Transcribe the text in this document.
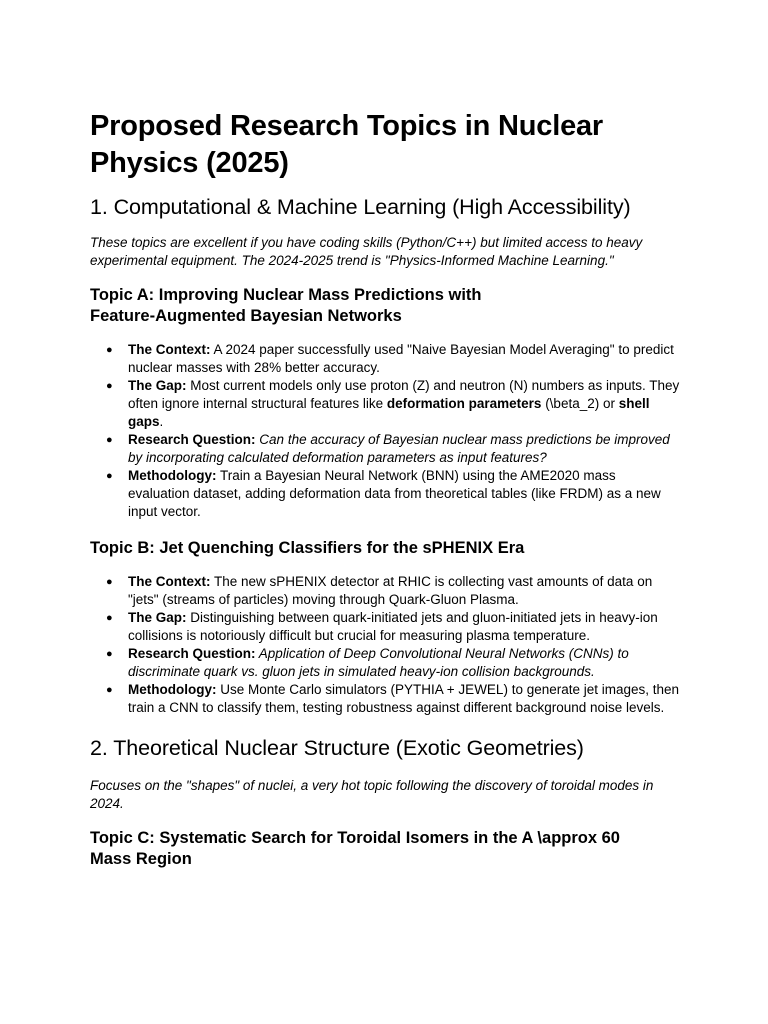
Proposed Research Topics in Nuclear Physics (2025)
1. Computational & Machine Learning (High Accessibility)

These topics are excellent if you have coding skills (Python/C++) but limited access to heavy experimental equipment. The 2024-2025 trend is "Physics-Informed Machine Learning."

Topic A: Improving Nuclear Mass Predictions with
Feature-Augmented Bayesian Networks
● The Context: A 2024 paper successfully used "Naive Bayesian Model Averaging" to predict nuclear masses with 28% better accuracy.
● The Gap: Most current models only use proton (Z) and neutron (N) numbers as inputs. They often ignore internal structural features like deformation parameters (\beta_2) or shell gaps.
● Research Question: Can the accuracy of Bayesian nuclear mass predictions be improved by incorporating calculated deformation parameters as input features?
● Methodology: Train a Bayesian Neural Network (BNN) using the AME2020 mass evaluation dataset, adding deformation data from theoretical tables (like FRDM) as a new input vector.
Topic B: Jet Quenching Classifiers for the sPHENIX Era
● The Context: The new sPHENIX detector at RHIC is collecting vast amounts of data on "jets" (streams of particles) moving through Quark-Gluon Plasma.
● The Gap: Distinguishing between quark-initiated jets and gluon-initiated jets in heavy-ion collisions is notoriously difficult but crucial for measuring plasma temperature.
● Research Question: Application of Deep Convolutional Neural Networks (CNNs) to discriminate quark vs. gluon jets in simulated heavy-ion collision backgrounds.
● Methodology: Use Monte Carlo simulators (PYTHIA + JEWEL) to generate jet images, then train a CNN to classify them, testing robustness against different background noise levels.
2. Theoretical Nuclear Structure (Exotic Geometries)

Focuses on the "shapes" of nuclei, a very hot topic following the discovery of toroidal modes in 2024.

Topic C: Systematic Search for Toroidal Isomers in the A \approx 60
Mass Region
